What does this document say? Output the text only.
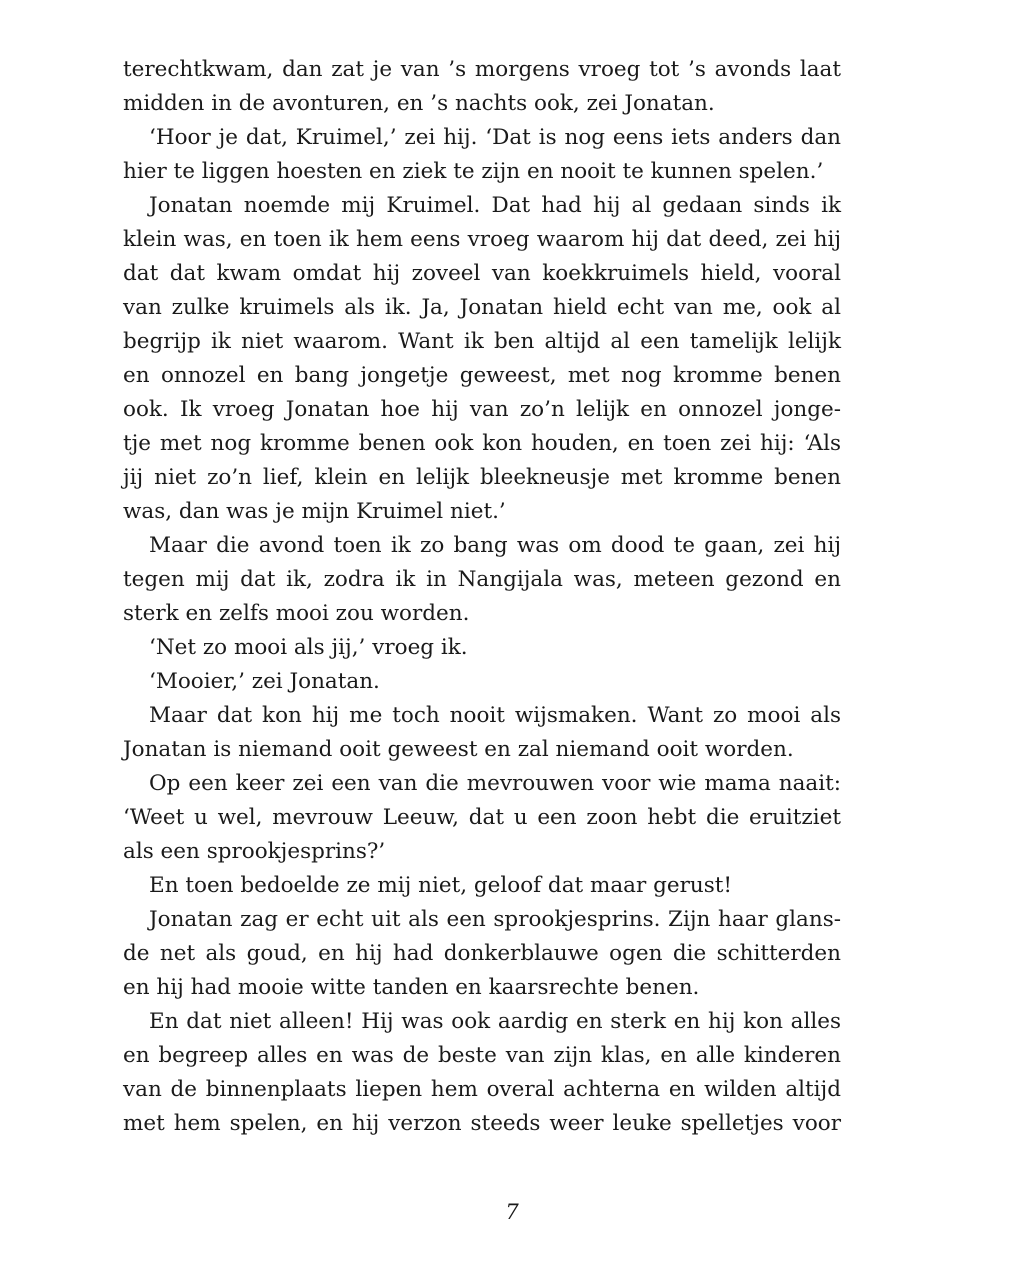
terechtkwam, dan zat je van ’s morgens vroeg tot ’s avonds laat
midden in de avonturen, en ’s nachts ook, zei Jonatan.
‘Hoor je dat, Kruimel,’ zei hij. ‘Dat is nog eens iets anders dan
hier te liggen hoesten en ziek te zijn en nooit te kunnen spelen.’
Jonatan noemde mij Kruimel. Dat had hij al gedaan sinds ik
klein was, en toen ik hem eens vroeg waarom hij dat deed, zei hij
dat dat kwam omdat hij zoveel van koekkruimels hield, vooral
van zulke kruimels als ik. Ja, Jonatan hield echt van me, ook al
begrijp ik niet waarom. Want ik ben altijd al een tamelijk lelijk
en onnozel en bang jongetje geweest, met nog kromme benen
ook. Ik vroeg Jonatan hoe hij van zo’n lelijk en onnozel jonge-
tje met nog kromme benen ook kon houden, en toen zei hij: ‘Als
jij niet zo’n lief, klein en lelijk bleekneusje met kromme benen
was, dan was je mijn Kruimel niet.’
Maar die avond toen ik zo bang was om dood te gaan, zei hij
tegen mij dat ik, zodra ik in Nangijala was, meteen gezond en
sterk en zelfs mooi zou worden.
‘Net zo mooi als jij,’ vroeg ik.
‘Mooier,’ zei Jonatan.
Maar dat kon hij me toch nooit wijsmaken. Want zo mooi als
Jonatan is niemand ooit geweest en zal niemand ooit worden.
Op een keer zei een van die mevrouwen voor wie mama naait:
‘Weet u wel, mevrouw Leeuw, dat u een zoon hebt die eruitziet
als een sprookjesprins?’
En toen bedoelde ze mij niet, geloof dat maar gerust!
Jonatan zag er echt uit als een sprookjesprins. Zijn haar glans-
de net als goud, en hij had donkerblauwe ogen die schitterden
en hij had mooie witte tanden en kaarsrechte benen.
En dat niet alleen! Hij was ook aardig en sterk en hij kon alles
en begreep alles en was de beste van zijn klas, en alle kinderen
van de binnenplaats liepen hem overal achterna en wilden altijd
met hem spelen, en hij verzon steeds weer leuke spelletjes voor
7
